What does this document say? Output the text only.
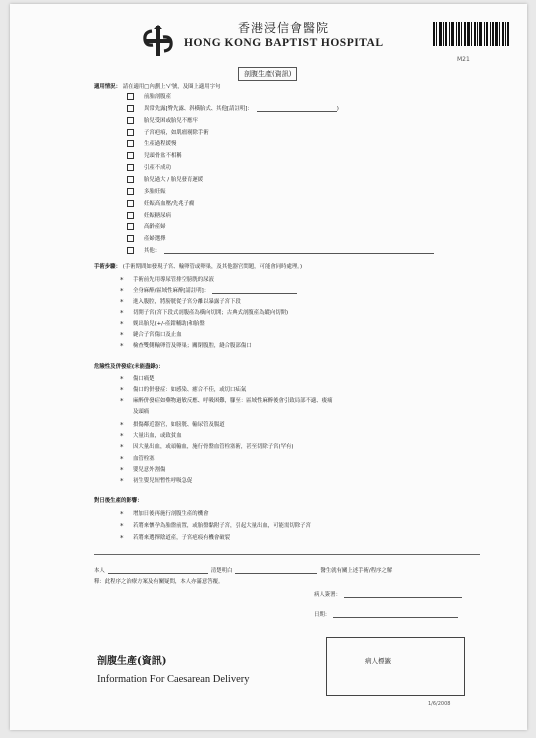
香港浸信會醫院
HONG KONG BAPTIST HOSPITAL
M21
剖腹生產(資訊)
適用情況： 請在適用□內劃上'√'號，及圈上適用字句
前胎剖腹產
異常先露[臀先露、斜橫胎式、其他[請註明]：	)
胎兒受困或胎兒不應牢
子宮疤痕，如肌瘤剔除手術
生產過程緩慢
兒頭骨盆不相稱
引產不成功
胎兒過大 / 胎兒發育遲緩
多胎妊娠
妊娠高血壓/先兆子癇
妊娠糖尿病
高齡產婦
產婦選擇
其他：
手術步驟： (手術期間如發現子宮、輸卵管或卵巢，及其他器官問題，可能會同時處理。)
* 手術前先用導尿管排空膀胱的尿液
* 全身麻醉/區域性麻醉[請註明]：
* 進入腹腔，將膀胱從子宮分離以暴露子宮下段
* 切開子宮(宮下段式剖腹產為橫向切開；古典式剖腹產為縱向切開)
* 娩出胎兒(+/-產鉗輔助)和胎盤
* 縫合子宮傷口及止血
* 檢查雙側輸卵管及卵巢；關閉腹腔，縫合腹部傷口
危險性及併發症(未能盡錄)：
* 傷口痛楚
* 傷口的併發症：如感染、癒合不佳，或切口疝氣
* 麻醉併發症如藥物過敏反應、呼吸困難，腳至：區域性麻醉後會引致局部不適、痠痛
及頭痛
* 損傷鄰近器官，如膀胱、輸尿管及腸道
* 大量出血，或致貧血
* 因大量出血，或頑輸血，施行骨盤血管栓塞術，甚至切除子宮(罕有)
* 血管栓塞
* 嬰兒意外割傷
* 初生嬰兒短暫性呼吸急促
對日後生產的影響：
* 增加日後再施行剖腹生產的機會
* 若將來懷孕為胎盤前置，或胎盤黏附子宮，引起大量出血，可能需切除子宮
* 若將來選擇陰道產，子宮疤痕有機會破裂
本人	清楚明白	醫生就有關上述手術/程序之解
釋：此程序之治療方案及有關疑問，本人亦滿意答覆。
病人簽署：
日期：
剖腹生產(資訊)
Information For Caesarean Delivery
病人標籤
1/6/2008
